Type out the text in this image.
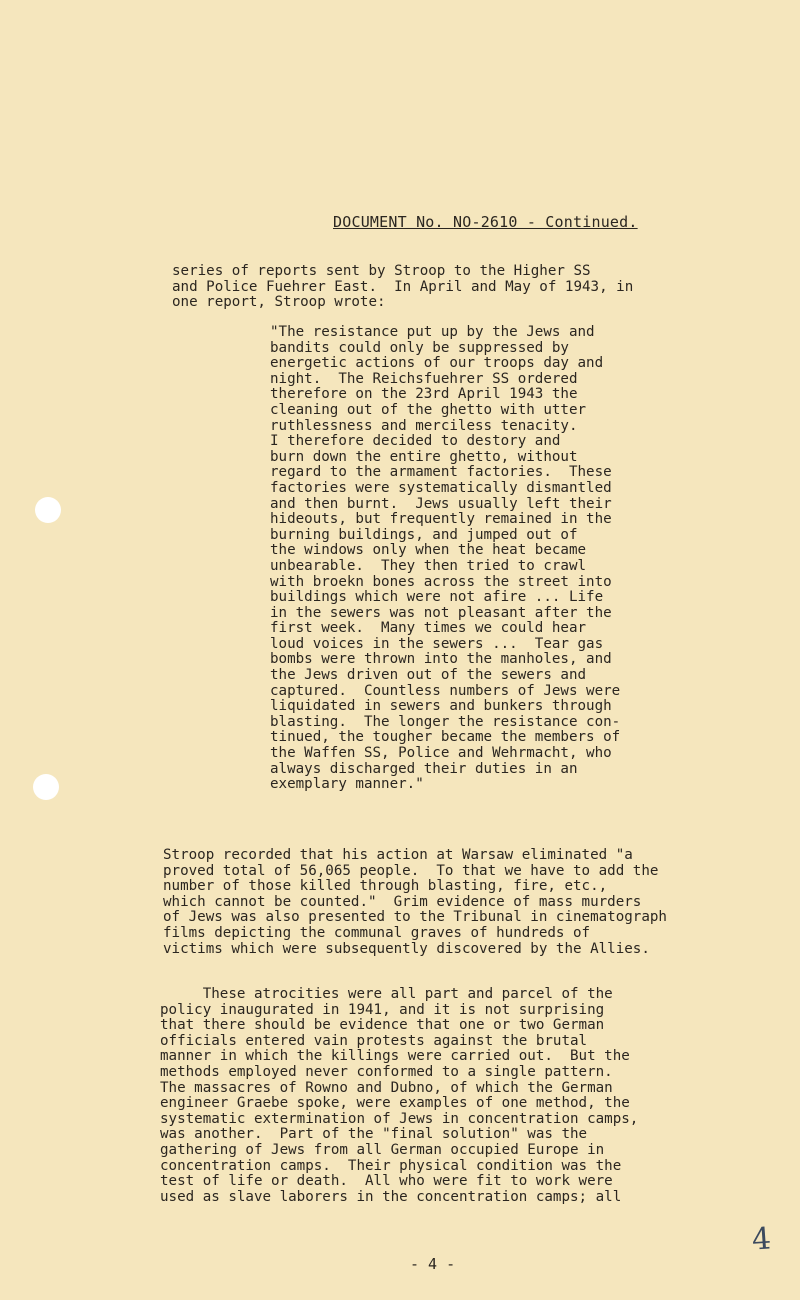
DOCUMENT No. NO-2610 - Continued.

series of reports sent by Stroop to the Higher SS
and Police Fuehrer East.  In April and May of 1943, in
one report, Stroop wrote:

"The resistance put up by the Jews and
bandits could only be suppressed by
energetic actions of our troops day and
night.  The Reichsfuehrer SS ordered
therefore on the 23rd April 1943 the
cleaning out of the ghetto with utter
ruthlessness and merciless tenacity.
I therefore decided to destory and
burn down the entire ghetto, without
regard to the armament factories.  These
factories were systematically dismantled
and then burnt.  Jews usually left their
hideouts, but frequently remained in the
burning buildings, and jumped out of
the windows only when the heat became
unbearable.  They then tried to crawl
with broekn bones across the street into
buildings which were not afire ... Life
in the sewers was not pleasant after the
first week.  Many times we could hear
loud voices in the sewers ...  Tear gas
bombs were thrown into the manholes, and
the Jews driven out of the sewers and
captured.  Countless numbers of Jews were
liquidated in sewers and bunkers through
blasting.  The longer the resistance con-
tinued, the tougher became the members of
the Waffen SS, Police and Wehrmacht, who
always discharged their duties in an
exemplary manner."

Stroop recorded that his action at Warsaw eliminated "a
proved total of 56,065 people.  To that we have to add the
number of those killed through blasting, fire, etc.,
which cannot be counted."  Grim evidence of mass murders
of Jews was also presented to the Tribunal in cinematograph
films depicting the communal graves of hundreds of
victims which were subsequently discovered by the Allies.

These atrocities were all part and parcel of the
policy inaugurated in 1941, and it is not surprising
that there should be evidence that one or two German
officials entered vain protests against the brutal
manner in which the killings were carried out.  But the
methods employed never conformed to a single pattern.
The massacres of Rowno and Dubno, of which the German
engineer Graebe spoke, were examples of one method, the
systematic extermination of Jews in concentration camps,
was another.  Part of the "final solution" was the
gathering of Jews from all German occupied Europe in
concentration camps.  Their physical condition was the
test of life or death.  All who were fit to work were
used as slave laborers in the concentration camps; all

- 4 -
4
